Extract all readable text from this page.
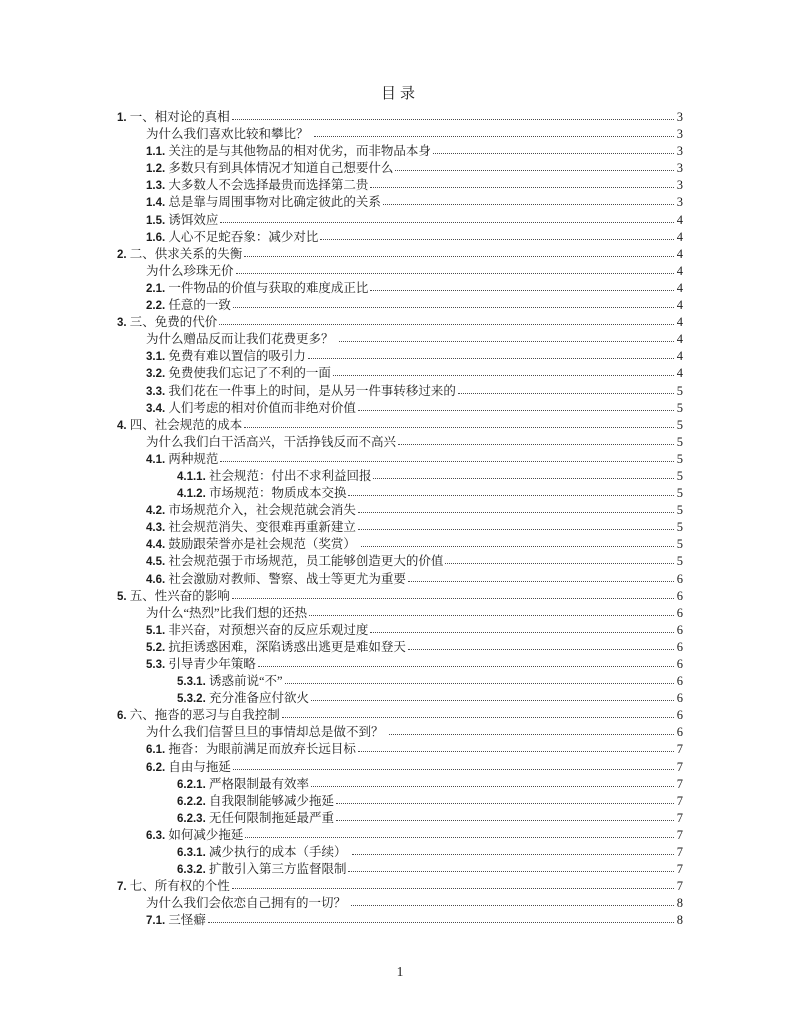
目录
1. 一、相对论的真相	3
为什么我们喜欢比较和攀比？	3
1.1. 关注的是与其他物品的相对优劣，而非物品本身	3
1.2. 多数只有到具体情况才知道自己想要什么	3
1.3. 大多数人不会选择最贵而选择第二贵	3
1.4. 总是靠与周围事物对比确定彼此的关系	3
1.5. 诱饵效应	4
1.6. 人心不足蛇吞象：减少对比	4
2. 二、供求关系的失衡	4
为什么珍珠无价	4
2.1. 一件物品的价值与获取的难度成正比	4
2.2. 任意的一致	4
3. 三、免费的代价	4
为什么赠品反而让我们花费更多？	4
3.1. 免费有难以置信的吸引力	4
3.2. 免费使我们忘记了不利的一面	4
3.3. 我们花在一件事上的时间，是从另一件事转移过来的	5
3.4. 人们考虑的相对价值而非绝对价值	5
4. 四、社会规范的成本	5
为什么我们白干活高兴，干活挣钱反而不高兴	5
4.1. 两种规范	5
4.1.1. 社会规范：付出不求利益回报	5
4.1.2. 市场规范：物质成本交换	5
4.2. 市场规范介入，社会规范就会消失	5
4.3. 社会规范消失、变很难再重新建立	5
4.4. 鼓励跟荣誉亦是社会规范（奖赏）	5
4.5. 社会规范强于市场规范，员工能够创造更大的价值	5
4.6. 社会激励对教师、警察、战士等更尤为重要	6
5. 五、性兴奋的影响	6
为什么“热烈”比我们想的还热	6
5.1. 非兴奋，对预想兴奋的反应乐观过度	6
5.2. 抗拒诱惑困难，深陷诱惑出逃更是难如登天	6
5.3. 引导青少年策略	6
5.3.1. 诱惑前说“不”	6
5.3.2. 充分准备应付欲火	6
6. 六、拖沓的恶习与自我控制	6
为什么我们信誓旦旦的事情却总是做不到？	6
6.1. 拖沓：为眼前满足而放弃长远目标	7
6.2. 自由与拖延	7
6.2.1. 严格限制最有效率	7
6.2.2. 自我限制能够减少拖延	7
6.2.3. 无任何限制拖延最严重	7
6.3. 如何减少拖延	7
6.3.1. 减少执行的成本（手续）	7
6.3.2. 扩散引入第三方监督限制	7
7. 七、所有权的个性	7
为什么我们会依恋自己拥有的一切？	8
7.1. 三怪癖	8
1
